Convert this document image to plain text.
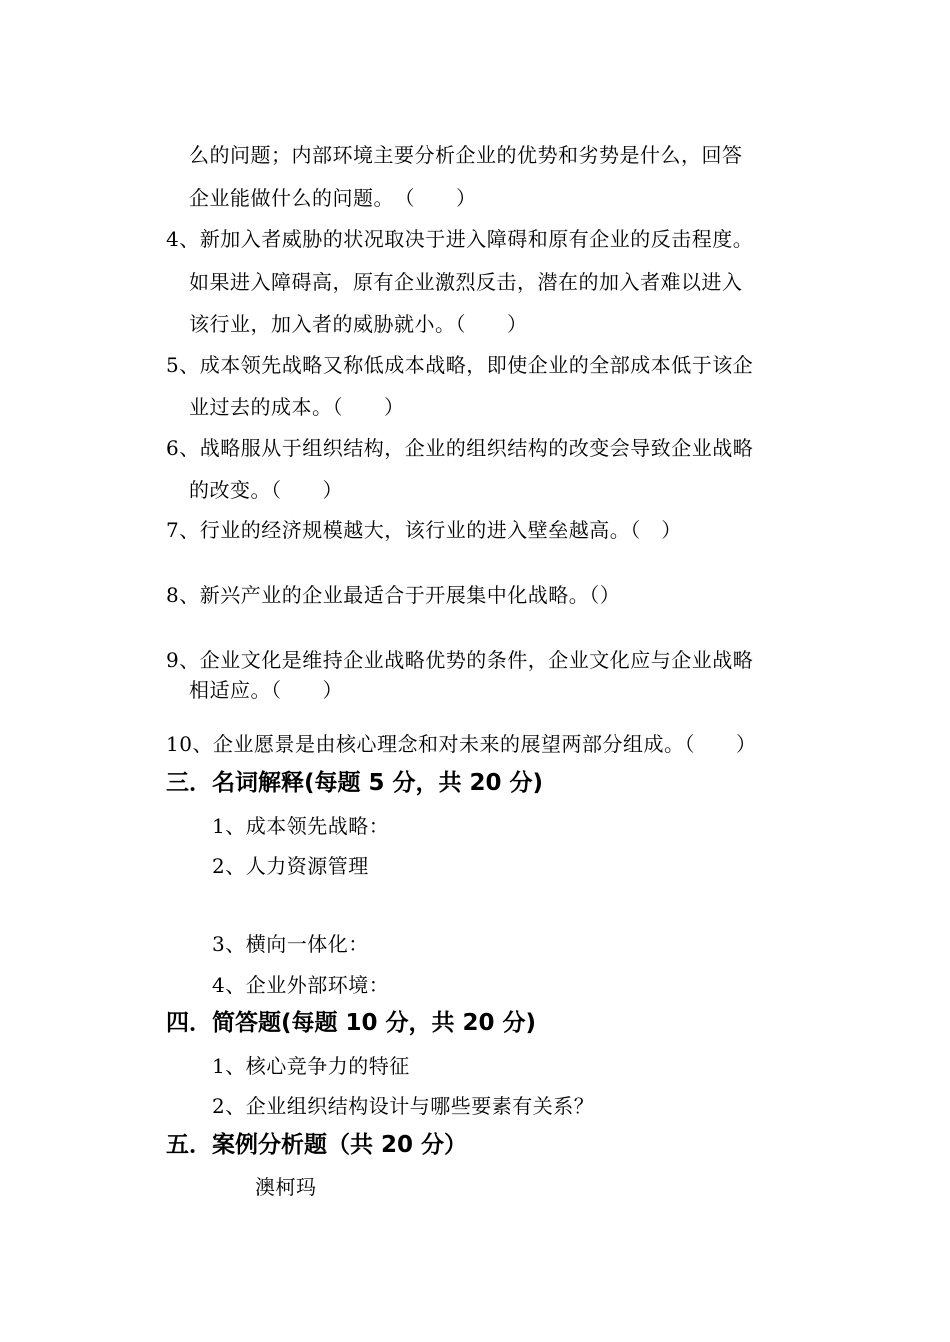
么的问题；内部环境主要分析企业的优势和劣势是什么，回答
企业能做什么的问题。　（　　）
4、新加入者威胁的状况取决于进入障碍和原有企业的反击程度。
如果进入障碍高，原有企业激烈反击，潜在的加入者难以进入
该行业，加入者的威胁就小。（　　）
5、成本领先战略又称低成本战略，即使企业的全部成本低于该企
业过去的成本。（　　）
6、战略服从于组织结构，企业的组织结构的改变会导致企业战略
的改变。（　　）
7、行业的经济规模越大，该行业的进入壁垒越高。（　）
8、新兴产业的企业最适合于开展集中化战略。（）
9、企业文化是维持企业战略优势的条件，企业文化应与企业战略
相适应。（　　）
10、企业愿景是由核心理念和对未来的展望两部分组成。（　　）
三．名词解释(每题 5 分，共 20 分)
1、成本领先战略：
2、人力资源管理
3、横向一体化：
4、企业外部环境：
四．简答题(每题 10 分，共 20 分)
1、核心竞争力的特征
2、企业组织结构设计与哪些要素有关系？
五．案例分析题（共 20 分）
澳柯玛
